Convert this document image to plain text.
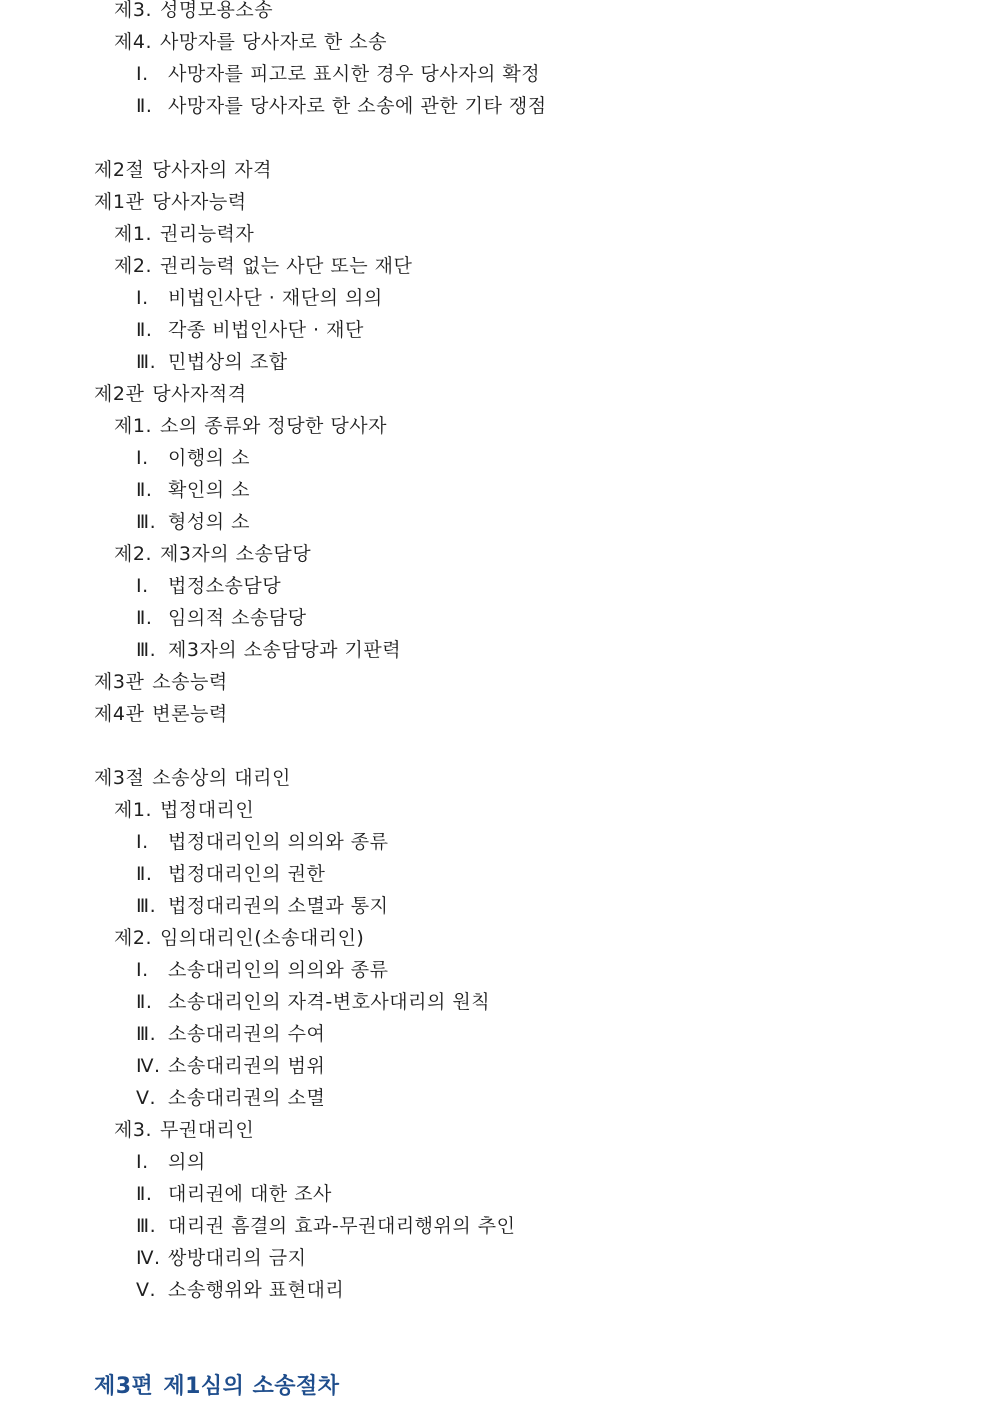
제3. 성명모용소송
제4. 사망자를 당사자로 한 소송
Ⅰ. 사망자를 피고로 표시한 경우 당사자의 확정
Ⅱ. 사망자를 당사자로 한 소송에 관한 기타 쟁점
제2절 당사자의 자격
제1관 당사자능력
제1. 권리능력자
제2. 권리능력 없는 사단 또는 재단
Ⅰ. 비법인사단 · 재단의 의의
Ⅱ. 각종 비법인사단 · 재단
Ⅲ. 민법상의 조합
제2관 당사자적격
제1. 소의 종류와 정당한 당사자
Ⅰ. 이행의 소
Ⅱ. 확인의 소
Ⅲ. 형성의 소
제2. 제3자의 소송담당
Ⅰ. 법정소송담당
Ⅱ. 임의적 소송담당
Ⅲ. 제3자의 소송담당과 기판력
제3관 소송능력
제4관 변론능력
제3절 소송상의 대리인
제1. 법정대리인
Ⅰ. 법정대리인의 의의와 종류
Ⅱ. 법정대리인의 권한
Ⅲ. 법정대리권의 소멸과 통지
제2. 임의대리인(소송대리인)
Ⅰ. 소송대리인의 의의와 종류
Ⅱ. 소송대리인의 자격-변호사대리의 원칙
Ⅲ. 소송대리권의 수여
Ⅳ. 소송대리권의 범위
Ⅴ. 소송대리권의 소멸
제3. 무권대리인
Ⅰ. 의의
Ⅱ. 대리권에 대한 조사
Ⅲ. 대리권 흠결의 효과-무권대리행위의 추인
Ⅳ. 쌍방대리의 금지
Ⅴ. 소송행위와 표현대리
제3편 제1심의 소송절차
